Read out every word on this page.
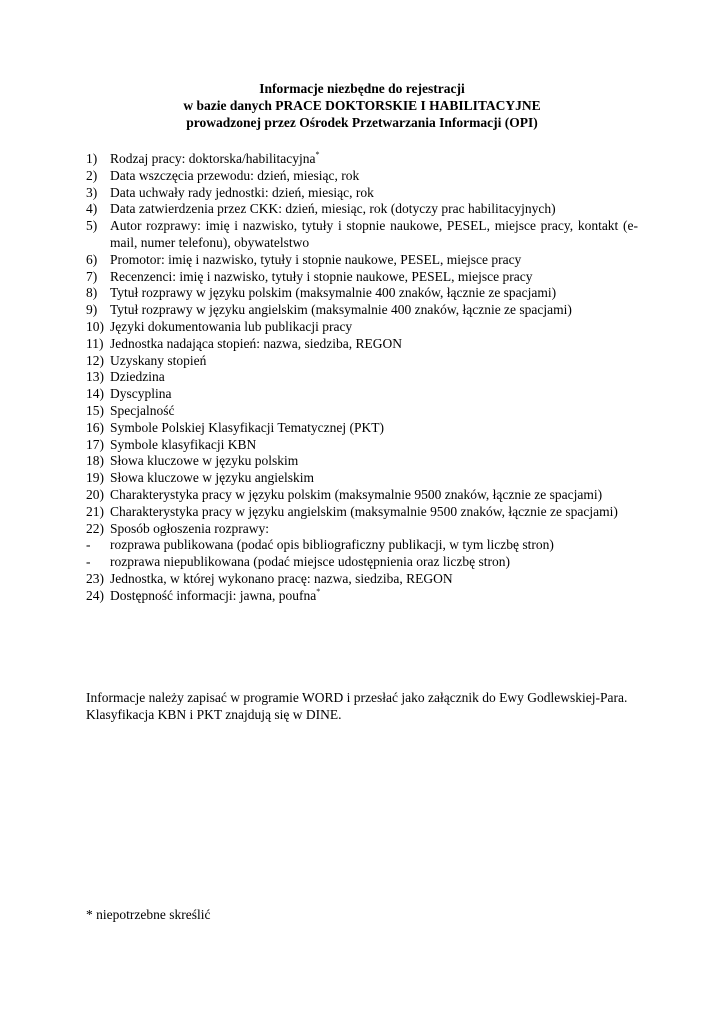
Informacje niezbędne do rejestracji
w bazie danych PRACE DOKTORSKIE I HABILITACYJNE
prowadzonej przez Ośrodek Przetwarzania Informacji (OPI)
1) Rodzaj pracy: doktorska/habilitacyjna*
2) Data wszczęcia przewodu: dzień, miesiąc, rok
3) Data uchwały rady jednostki: dzień, miesiąc, rok
4) Data zatwierdzenia przez CKK: dzień, miesiąc, rok (dotyczy prac habilitacyjnych)
5) Autor rozprawy: imię i nazwisko, tytuły i stopnie naukowe, PESEL, miejsce pracy, kontakt (e-mail, numer telefonu), obywatelstwo
6) Promotor: imię i nazwisko, tytuły i stopnie naukowe, PESEL, miejsce pracy
7) Recenzenci: imię i nazwisko, tytuły i stopnie naukowe, PESEL, miejsce pracy
8) Tytuł rozprawy w języku polskim (maksymalnie 400 znaków, łącznie ze spacjami)
9) Tytuł rozprawy w języku angielskim (maksymalnie 400 znaków, łącznie ze spacjami)
10) Języki dokumentowania lub publikacji pracy
11) Jednostka nadająca stopień: nazwa, siedziba, REGON
12) Uzyskany stopień
13) Dziedzina
14) Dyscyplina
15) Specjalność
16) Symbole Polskiej Klasyfikacji Tematycznej (PKT)
17) Symbole klasyfikacji KBN
18) Słowa kluczowe w języku polskim
19) Słowa kluczowe w języku angielskim
20) Charakterystyka pracy w języku polskim (maksymalnie 9500 znaków, łącznie ze spacjami)
21) Charakterystyka pracy w języku angielskim (maksymalnie 9500 znaków, łącznie ze spacjami)
22) Sposób ogłoszenia rozprawy:
-	rozprawa publikowana (podać opis bibliograficzny publikacji, w tym liczbę stron)
-	rozprawa niepublikowana (podać miejsce udostępnienia oraz liczbę stron)
23) Jednostka, w której wykonano pracę: nazwa, siedziba, REGON
24) Dostępność informacji: jawna, poufna*

Informacje należy zapisać w programie WORD i przesłać jako załącznik do Ewy Godlewskiej-Para.

Klasyfikacja KBN i PKT znajdują się w DINE.

* niepotrzebne skreślić
